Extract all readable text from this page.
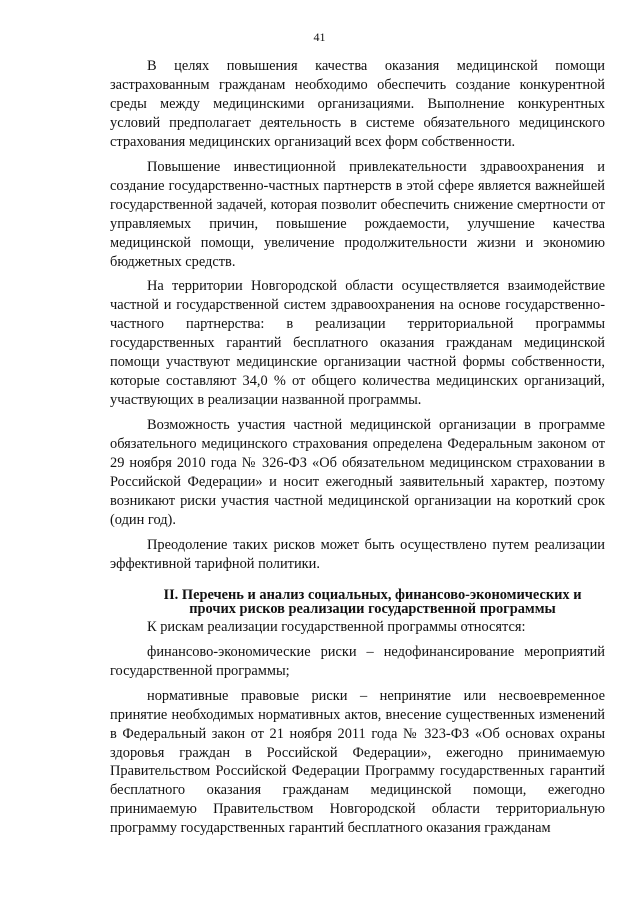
41

В целях повышения качества оказания медицинской помощи застрахованным гражданам необходимо обеспечить создание конкурентной среды между медицинскими организациями. Выполнение конкурентных условий предполагает деятельность в системе обязательного медицинского страхования медицинских организаций всех форм собственности.

Повышение инвестиционной привлекательности здравоохранения и создание государственно-частных партнерств в этой сфере является важнейшей государственной задачей, которая позволит обеспечить снижение смертности от управляемых причин, повышение рождаемости, улучшение качества медицинской помощи, увеличение продолжительности жизни и экономию бюджетных средств.

На территории Новгородской области осуществляется взаимодействие частной и государственной систем здравоохранения на основе государственно-частного партнерства: в реализации территориальной программы государственных гарантий бесплатного оказания гражданам медицинской помощи участвуют медицинские организации частной формы собственности, которые составляют 34,0 % от общего количества медицинских организаций, участвующих в реализации названной программы.

Возможность участия частной медицинской организации в программе обязательного медицинского страхования определена Федеральным законом от 29 ноября 2010 года № 326-ФЗ «Об обязательном медицинском страховании в Российской Федерации» и носит ежегодный заявительный характер, поэтому возникают риски участия частной медицинской организации на короткий срок (один год).

Преодоление таких рисков может быть осуществлено путем реализации эффективной тарифной политики.

II. Перечень и анализ социальных, финансово-экономических и прочих рисков реализации государственной программы

К рискам реализации государственной программы относятся:

финансово-экономические риски – недофинансирование мероприятий государственной программы;

нормативные правовые риски – непринятие или несвоевременное принятие необходимых нормативных актов, внесение существенных изменений в Федеральный закон от 21 ноября 2011 года № 323-ФЗ «Об основах охраны здоровья граждан в Российской Федерации», ежегодно принимаемую Правительством Российской Федерации Программу государственных гарантий бесплатного оказания гражданам медицинской помощи, ежегодно принимаемую Правительством Новгородской области территориальную программу государственных гарантий бесплатного оказания гражданам
